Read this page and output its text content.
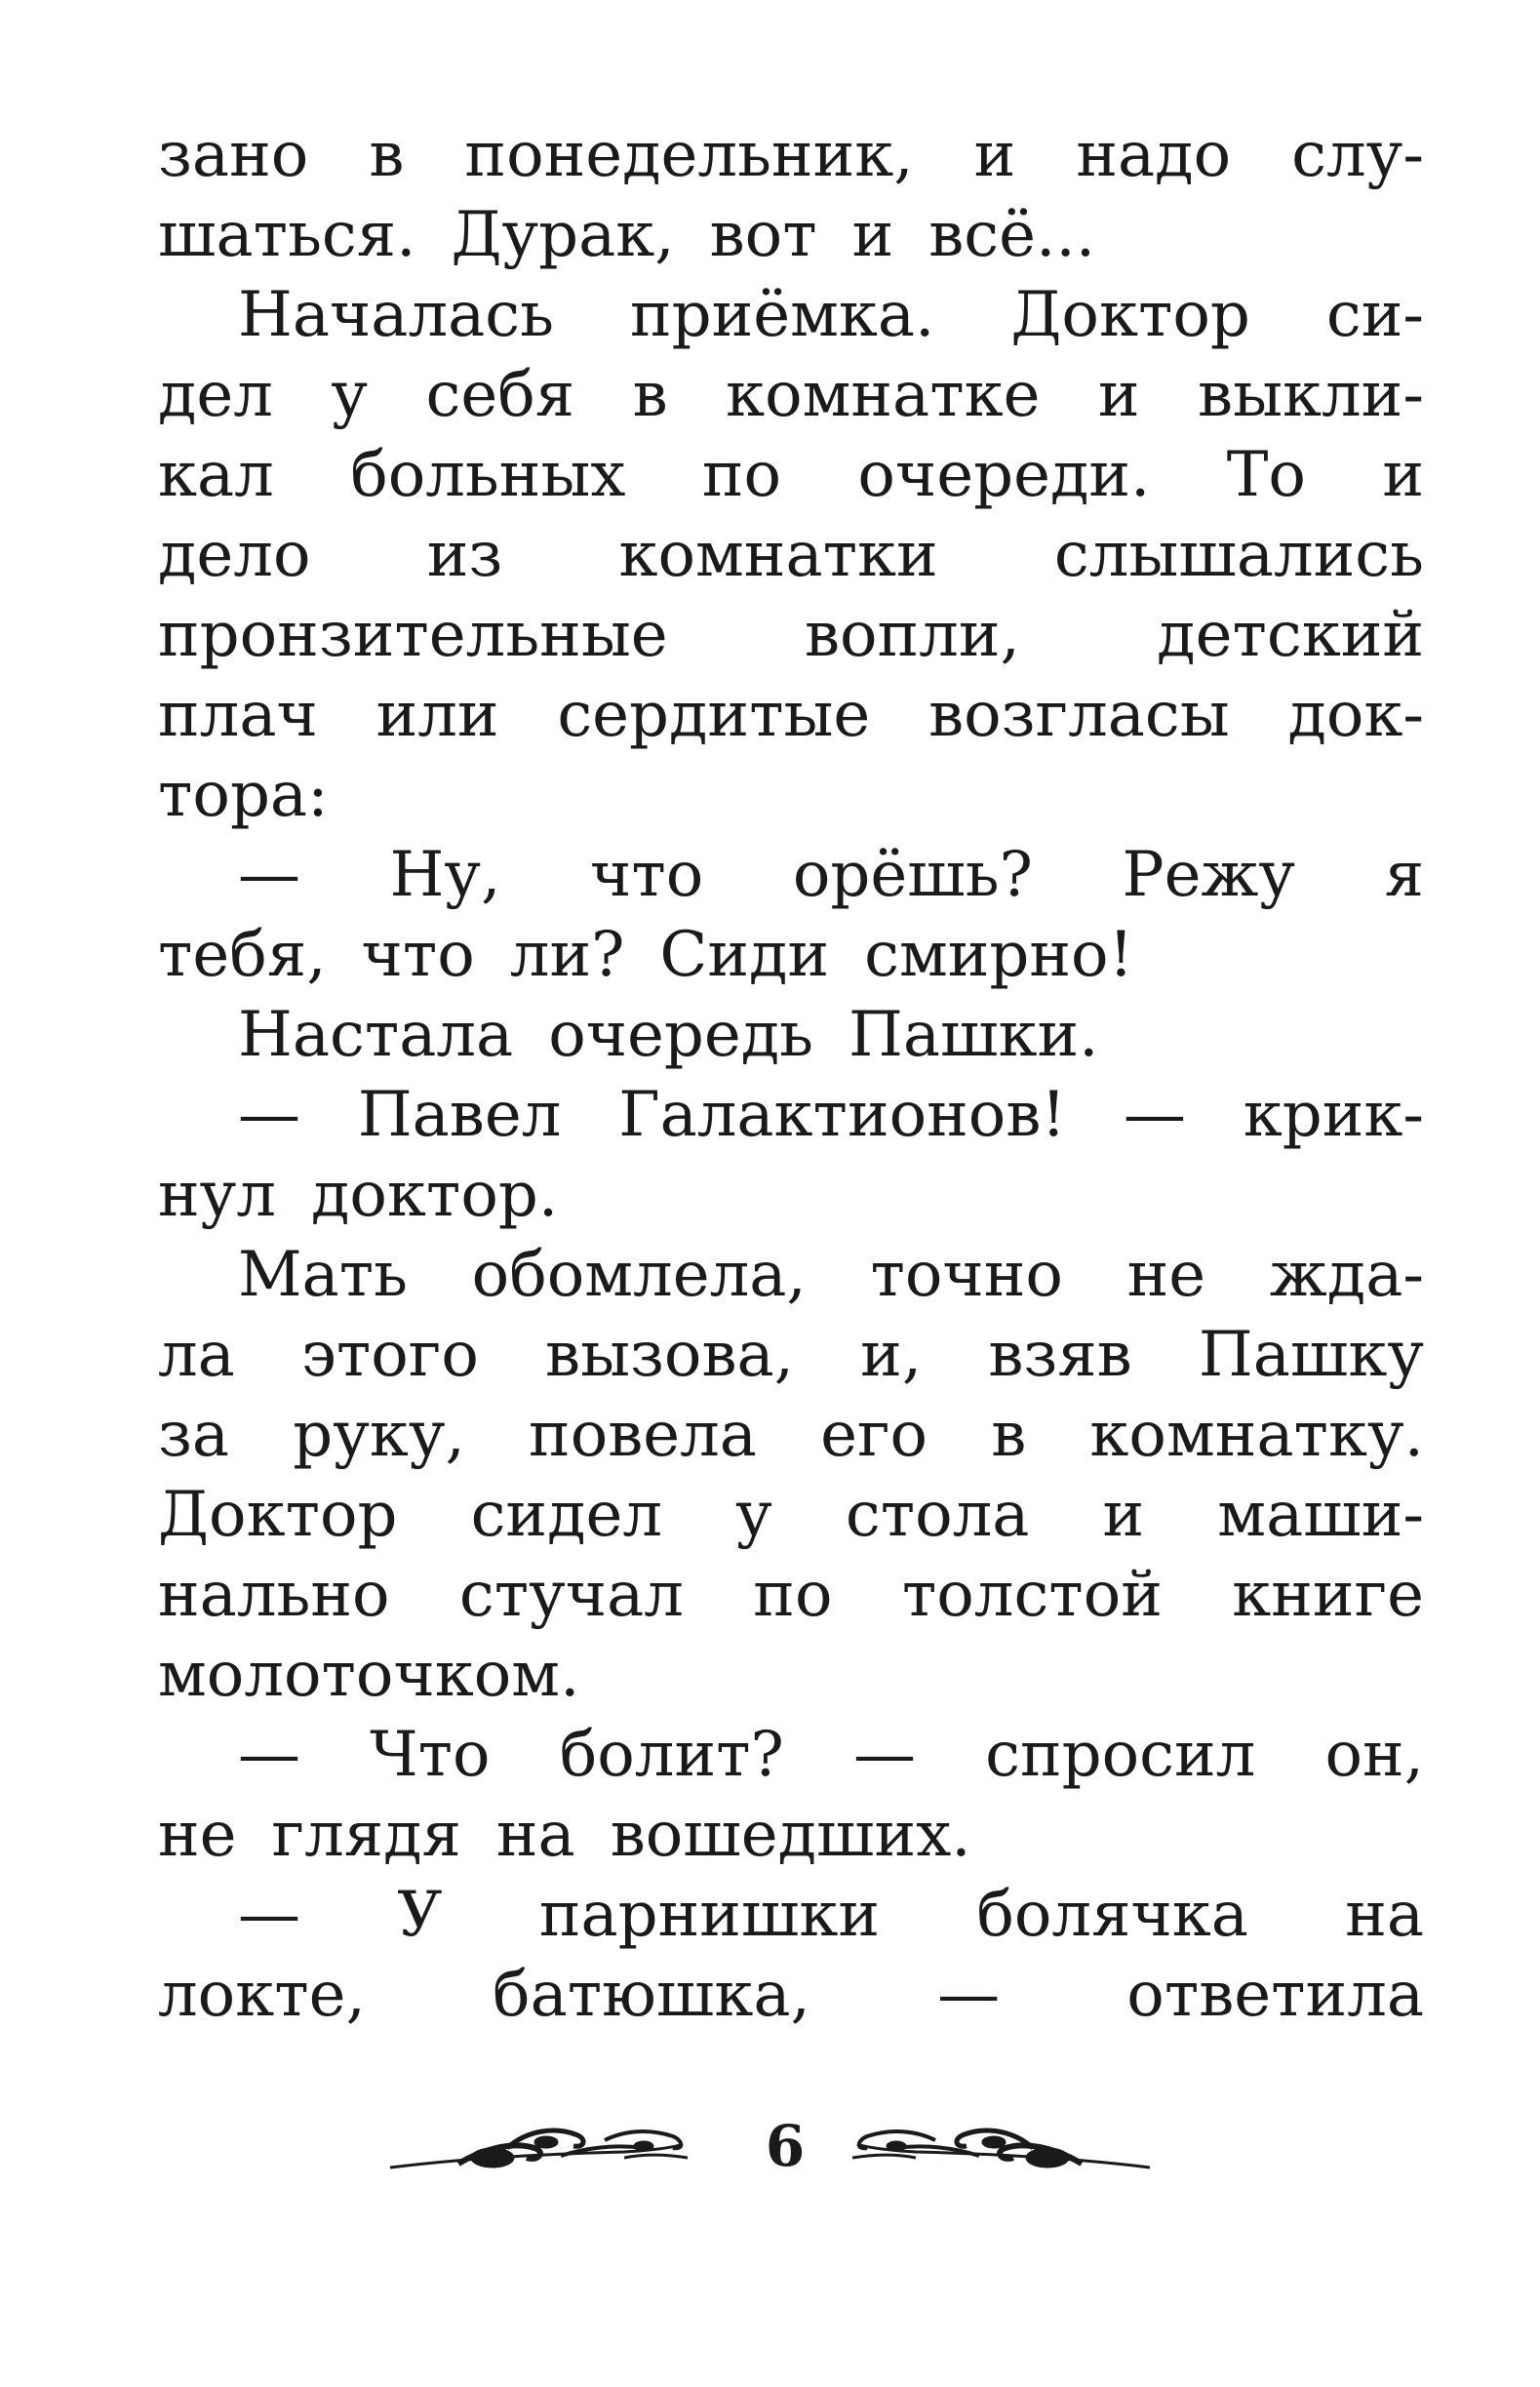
зано в понедельник, и надо слу-
шаться. Дурак, вот и всё...
Началась приёмка. Доктор си-
дел у себя в комнатке и выкли-
кал больных по очереди. То и
дело из комнатки слышались
пронзительные вопли, детский
плач или сердитые возгласы док-
тора:
— Ну, что орёшь? Режу я
тебя, что ли? Сиди смирно!
Настала очередь Пашки.
— Павел Галактионов! — крик-
нул доктор.
Мать обомлела, точно не жда-
ла этого вызова, и, взяв Пашку
за руку, повела его в комнатку.
Доктор сидел у стола и маши-
нально стучал по толстой книге
молоточком.
— Что болит? — спросил он,
не глядя на вошедших.
— У парнишки болячка на
локте, батюшка, — ответила
6
